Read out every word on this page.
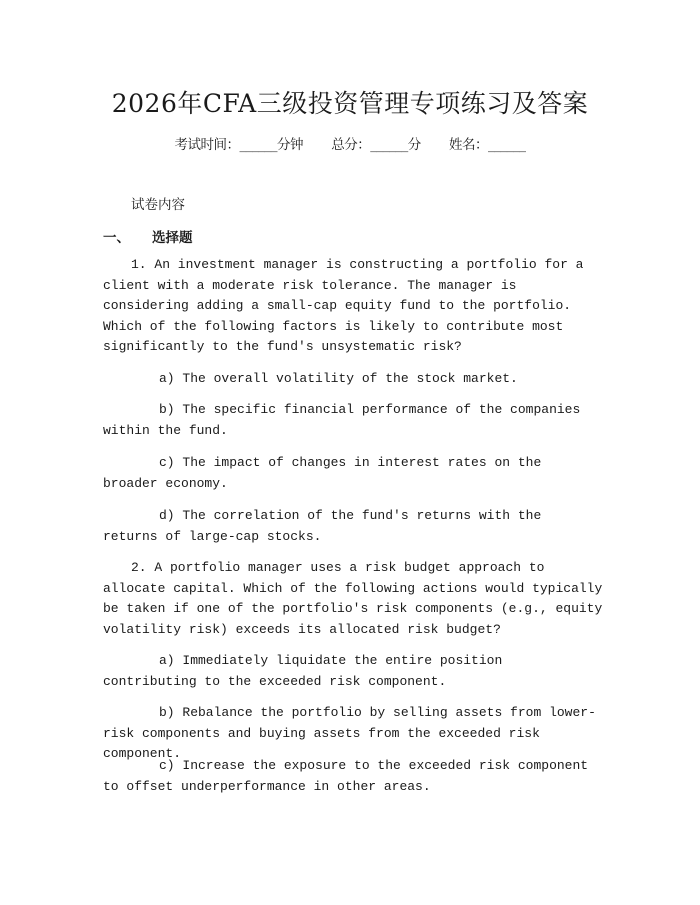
2026年CFA三级投资管理专项练习及答案
考试时间：______分钟 总分：______分 姓名：______
试卷内容
一、 选择题

1. An investment manager is constructing a portfolio for a client with a moderate risk tolerance. The manager is considering adding a small-cap equity fund to the portfolio. Which of the following factors is likely to contribute most significantly to the fund's unsystematic risk?

a) The overall volatility of the stock market.

b) The specific financial performance of the companies within the fund.

c) The impact of changes in interest rates on the broader economy.

d) The correlation of the fund's returns with the returns of large-cap stocks.

2. A portfolio manager uses a risk budget approach to allocate capital. Which of the following actions would typically be taken if one of the portfolio's risk components (e.g., equity volatility risk) exceeds its allocated risk budget?

a) Immediately liquidate the entire position contributing to the exceeded risk component.

b) Rebalance the portfolio by selling assets from lower-risk components and buying assets from the exceeded risk component.

c) Increase the exposure to the exceeded risk component to offset underperformance in other areas.
